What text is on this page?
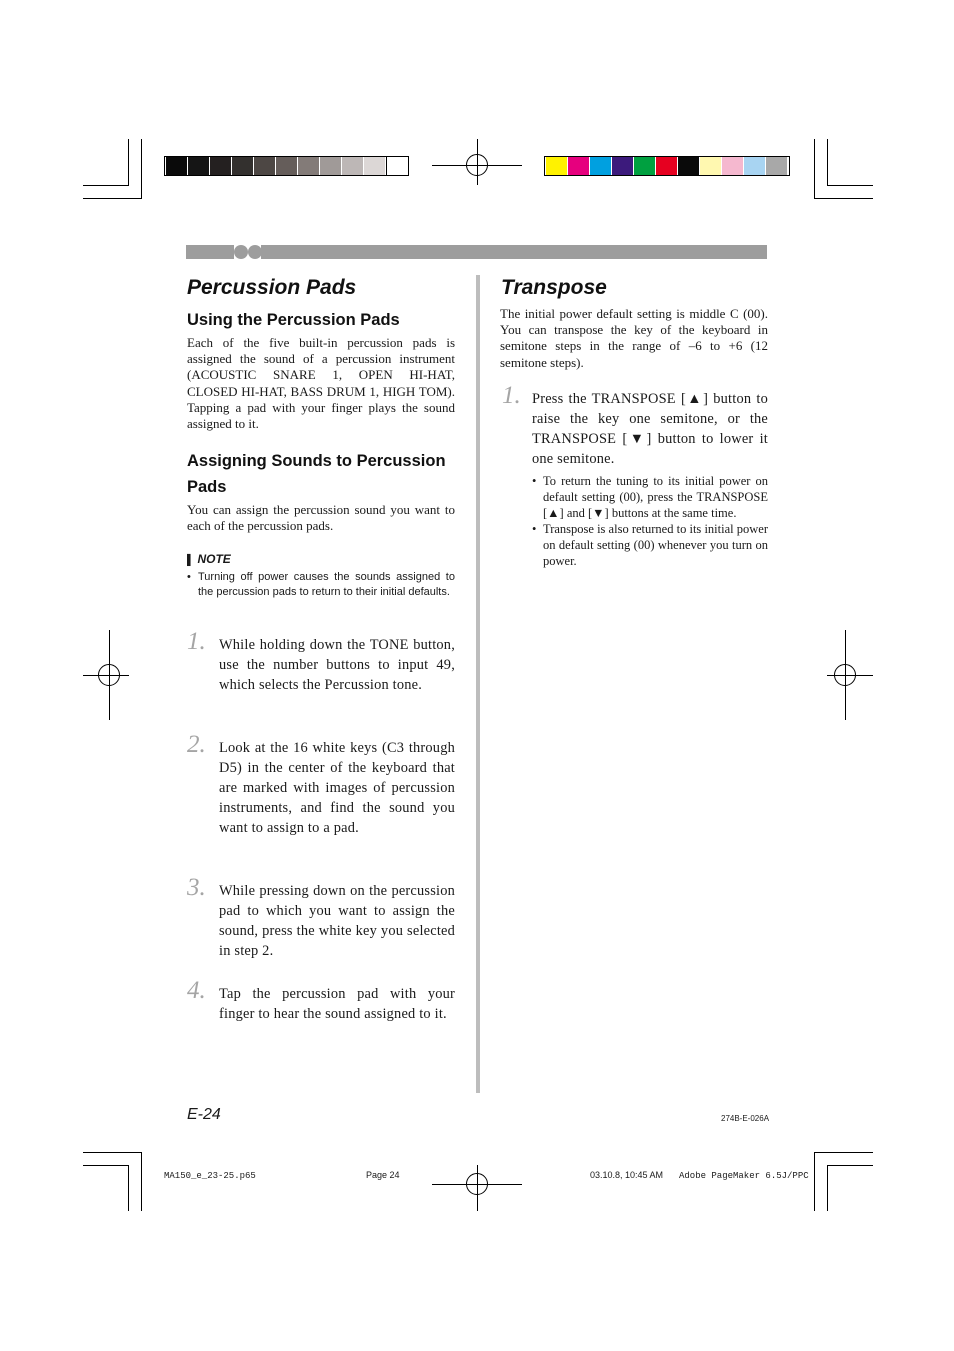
Percussion Pads
Using the Percussion Pads
Each of the five built-in percussion pads is assigned the sound of a percussion instrument (ACOUSTIC SNARE 1, OPEN HI-HAT, CLOSED HI-HAT, BASS DRUM 1, HIGH TOM). Tapping a pad with your finger plays the sound assigned to it.
Assigning Sounds to Percussion Pads
You can assign the percussion sound you want to each of the percussion pads.
▌ NOTE
• Turning off power causes the sounds assigned to the percussion pads to return to their initial defaults.
1. While holding down the TONE button, use the number buttons to input 49, which selects the Percussion tone.
2. Look at the 16 white keys (C3 through D5) in the center of the keyboard that are marked with images of percussion instruments, and find the sound you want to assign to a pad.
3. While pressing down on the percussion pad to which you want to assign the sound, press the white key you selected in step 2.
4. Tap the percussion pad with your finger to hear the sound assigned to it.
Transpose
The initial power default setting is middle C (00). You can transpose the key of the keyboard in semitone steps in the range of –6 to +6 (12 semitone steps).
1. Press the TRANSPOSE [▲] button to raise the key one semitone, or the TRANSPOSE [▼] button to lower it one semitone.
• To return the tuning to its initial power on default setting (00), press the TRANSPOSE [▲] and [▼] buttons at the same time.
• Transpose is also returned to its initial power on default setting (00) whenever you turn on power.
E-24	274B-E-026A
MA150_e_23-25.p65	Page 24	03.10.8, 10:45 AM Adobe PageMaker 6.5J/PPC
